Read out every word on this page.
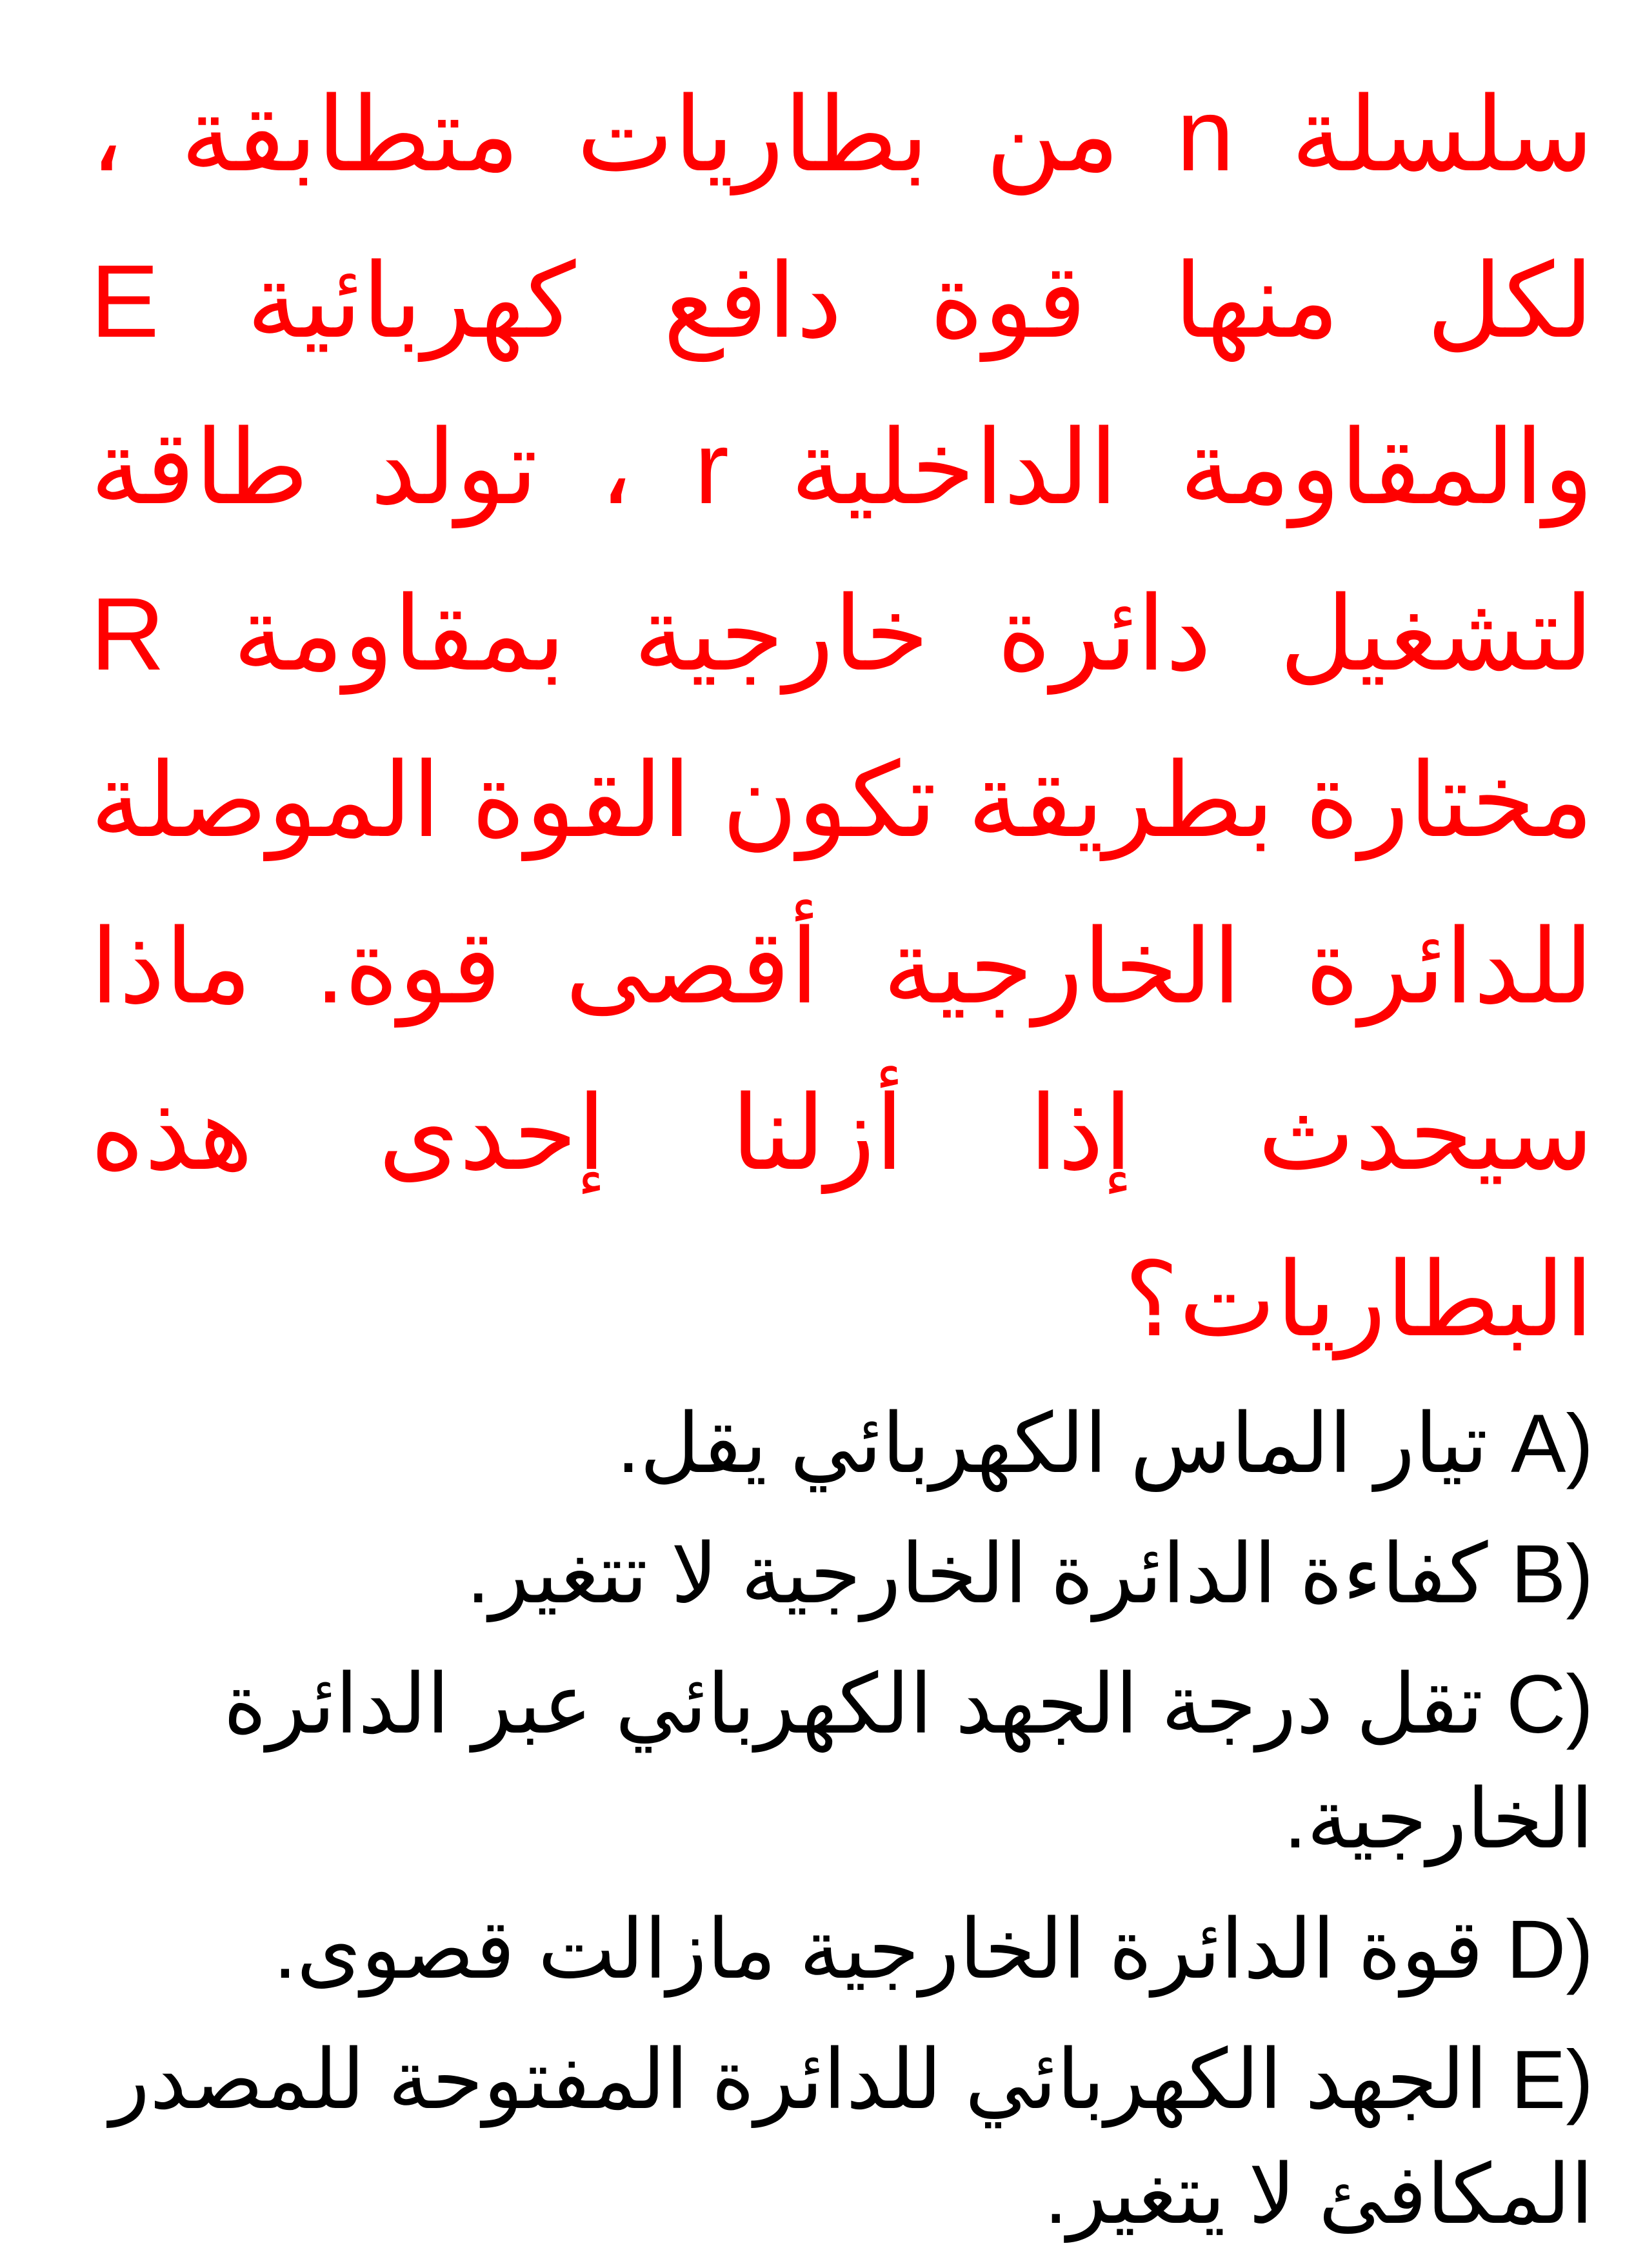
سلسلة n من بطاريات متطابقة ، لكل منها قوة دافع كهربائية E والمقاومة الداخلية r ، تولد طاقة لتشغيل دائرة خارجية بمقاومة R مختارة بطريقة تكون القوة الموصلة للدائرة الخارجية أقصى قوة. ماذا سيحدث إذا أزلنا إحدى هذه البطاريات؟

A) تيار الماس الكهربائي يقل.

B) كفاءة الدائرة الخارجية لا تتغير.

C) تقل درجة الجهد الكهربائي عبر الدائرة الخارجية.

D) قوة الدائرة الخارجية مازالت قصوى.

E) الجهد الكهربائي للدائرة المفتوحة للمصدر المكافئ لا يتغير.
